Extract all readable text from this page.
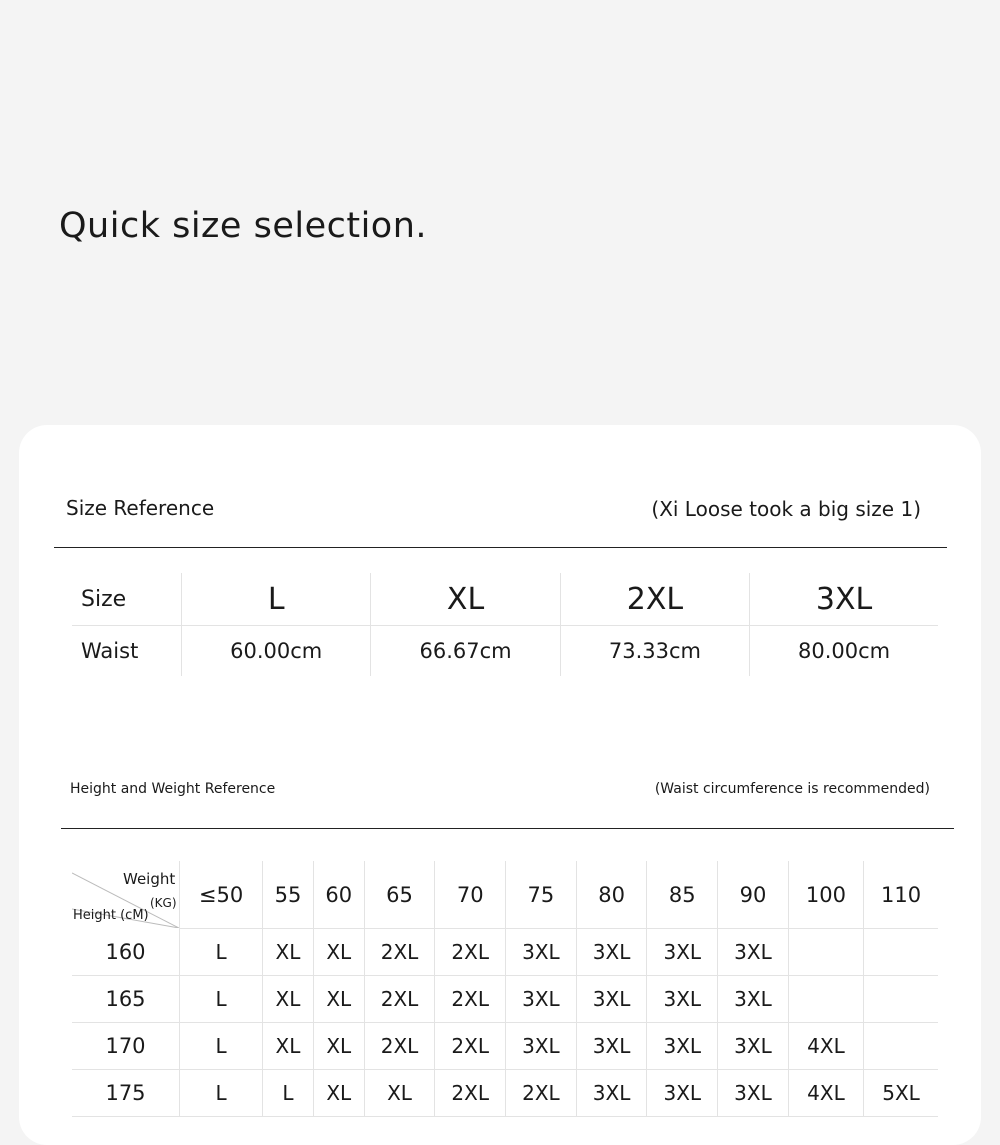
Quick size selection.
Size Reference	(Xi Loose took a big size 1)
Size	L	XL	2XL	3XL
Waist	60.00cm	66.67cm	73.33cm	80.00cm
Height and Weight Reference	(Waist circumference is recommended)
Weight
(KG)
Height (cM)	≤50	55	60	65	70	75	80	85	90	100	110
160	L	XL	XL	2XL	2XL	3XL	3XL	3XL	3XL		
165	L	XL	XL	2XL	2XL	3XL	3XL	3XL	3XL		
170	L	XL	XL	2XL	2XL	3XL	3XL	3XL	3XL	4XL	
175	L	L	XL	XL	2XL	2XL	3XL	3XL	3XL	4XL	5XL
